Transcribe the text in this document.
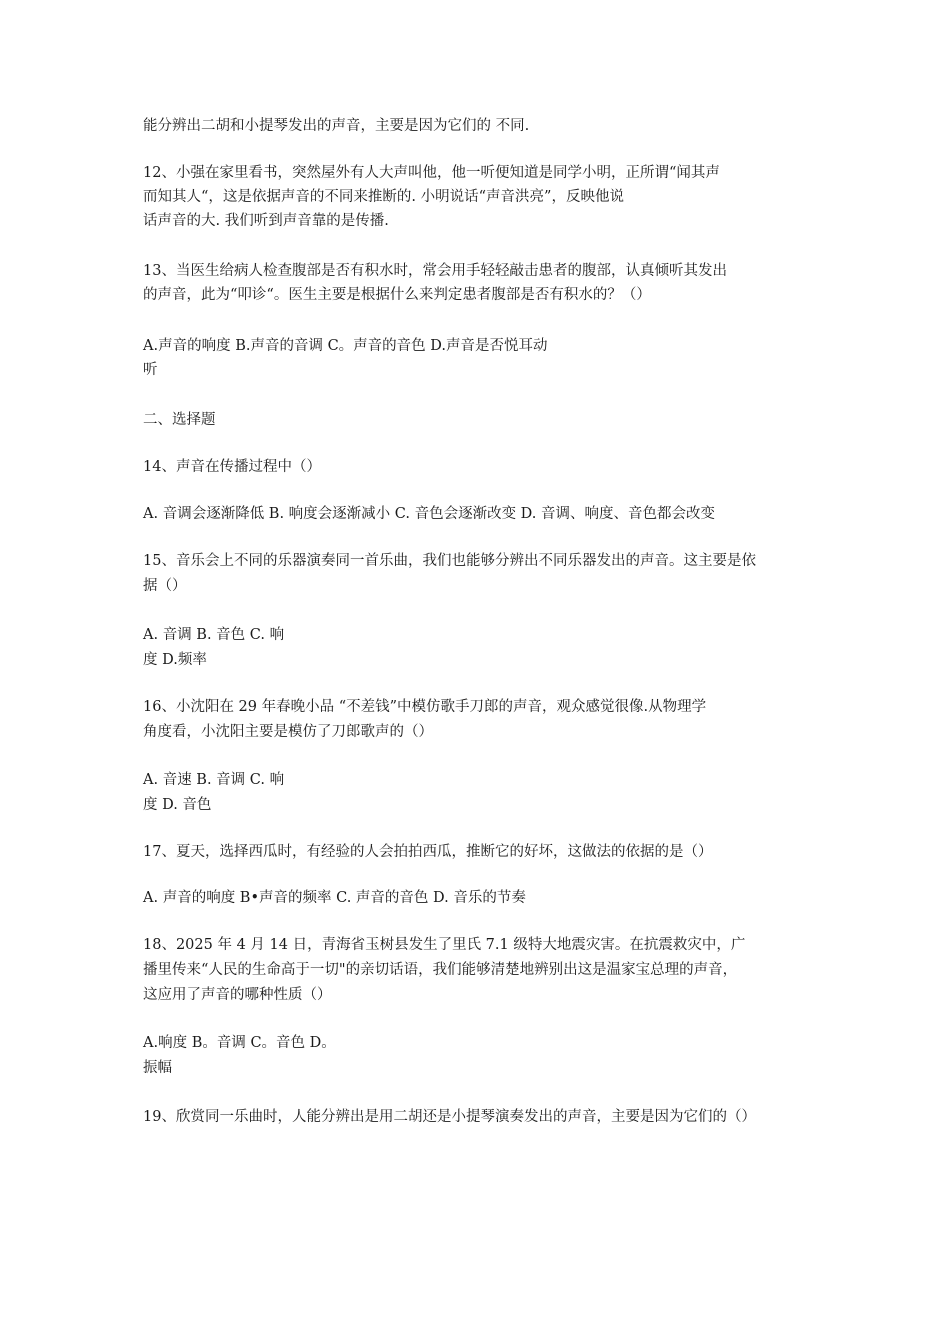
能分辨出二胡和小提琴发出的声音，主要是因为它们的 不同.
12、小强在家里看书，突然屋外有人大声叫他，他一听便知道是同学小明，正所谓“闻其声
而知其人“，这是依据声音的不同来推断的. 小明说话“声音洪亮”，反映他说
话声音的大. 我们听到声音靠的是传播.
13、当医生给病人检查腹部是否有积水时，常会用手轻轻敲击患者的腹部，认真倾听其发出
的声音，此为“叩诊“。医生主要是根据什么来判定患者腹部是否有积水的？（）
A.声音的响度 B.声音的音调 C。声音的音色 D.声音是否悦耳动
听
二、选择题
14、声音在传播过程中（）
A. 音调会逐渐降低 B. 响度会逐渐减小 C. 音色会逐渐改变 D. 音调、响度、音色都会改变
15、音乐会上不同的乐器演奏同一首乐曲，我们也能够分辨出不同乐器发出的声音。这主要是依
据（）
A. 音调 B. 音色 C. 响
度 D.频率
16、小沈阳在 29 年春晚小品 “不差钱”中模仿歌手刀郎的声音，观众感觉很像.从物理学
角度看，小沈阳主要是模仿了刀郎歌声的（）
A. 音速 B. 音调 C. 响
度 D. 音色
17、夏天，选择西瓜时，有经验的人会拍拍西瓜，推断它的好坏，这做法的依据的是（）
A. 声音的响度 B•声音的频率 C. 声音的音色 D. 音乐的节奏
18、2025 年 4 月 14 日，青海省玉树县发生了里氏 7.1 级特大地震灾害。在抗震救灾中，广
播里传来“人民的生命高于一切"的亲切话语，我们能够清楚地辨别出这是温家宝总理的声音，
这应用了声音的哪种性质（）
A.响度 B。音调 C。音色 D。
振幅
19、欣赏同一乐曲时，人能分辨出是用二胡还是小提琴演奏发出的声音，主要是因为它们的（）
